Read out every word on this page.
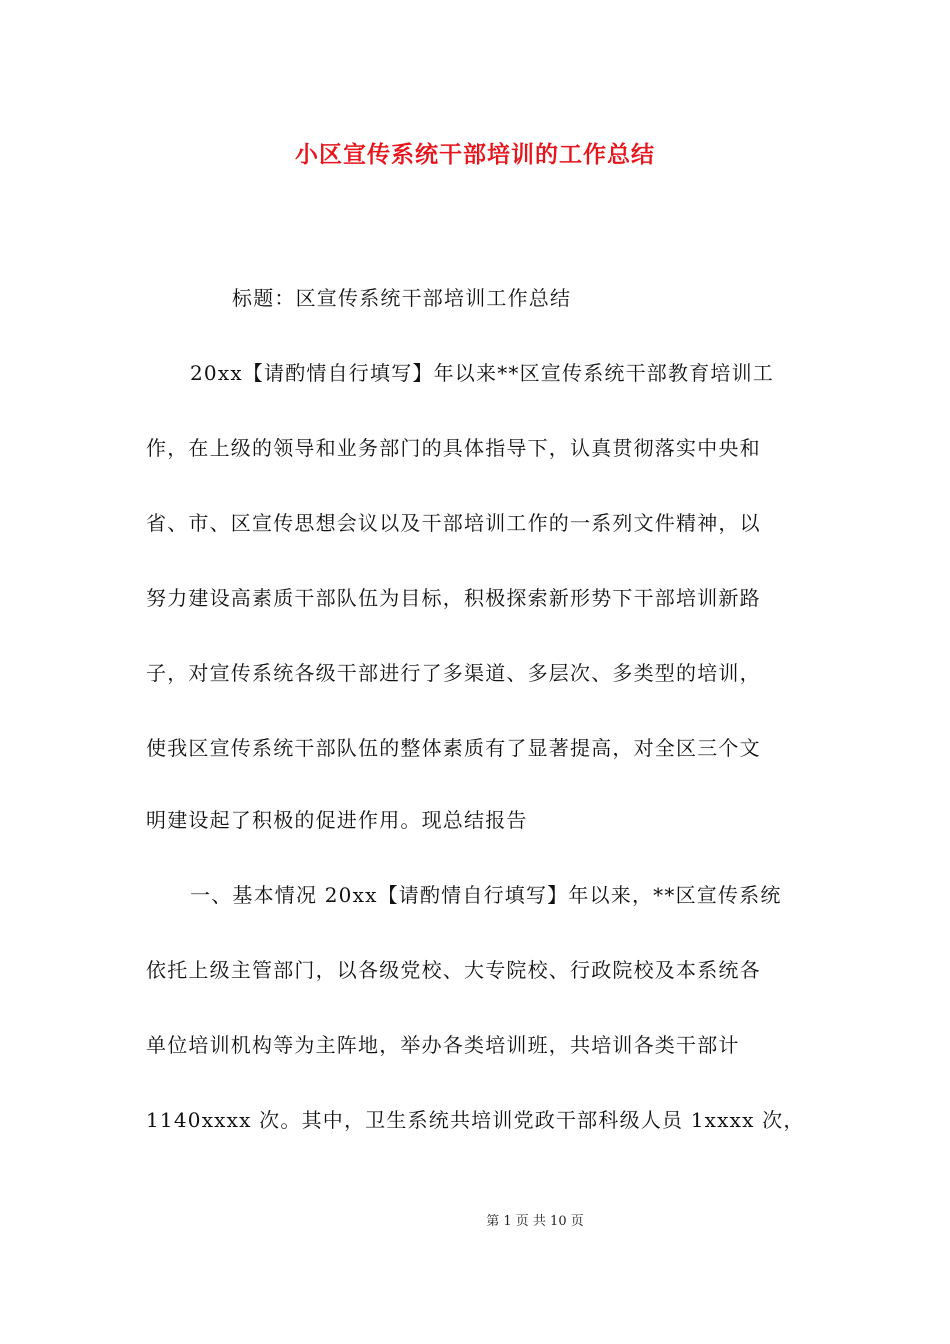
小区宣传系统干部培训的工作总结
标题：区宣传系统干部培训工作总结
20xx【请酌情自行填写】年以来**区宣传系统干部教育培训工
作，在上级的领导和业务部门的具体指导下，认真贯彻落实中央和
省、市、区宣传思想会议以及干部培训工作的一系列文件精神，以
努力建设高素质干部队伍为目标，积极探索新形势下干部培训新路
子，对宣传系统各级干部进行了多渠道、多层次、多类型的培训，
使我区宣传系统干部队伍的整体素质有了显著提高，对全区三个文
明建设起了积极的促进作用。现总结报告
一、基本情况 20xx【请酌情自行填写】年以来，**区宣传系统
依托上级主管部门，以各级党校、大专院校、行政院校及本系统各
单位培训机构等为主阵地，举办各类培训班，共培训各类干部计
1140xxxx 次。其中，卫生系统共培训党政干部科级人员 1xxxx 次，
第 1 页 共 10 页
